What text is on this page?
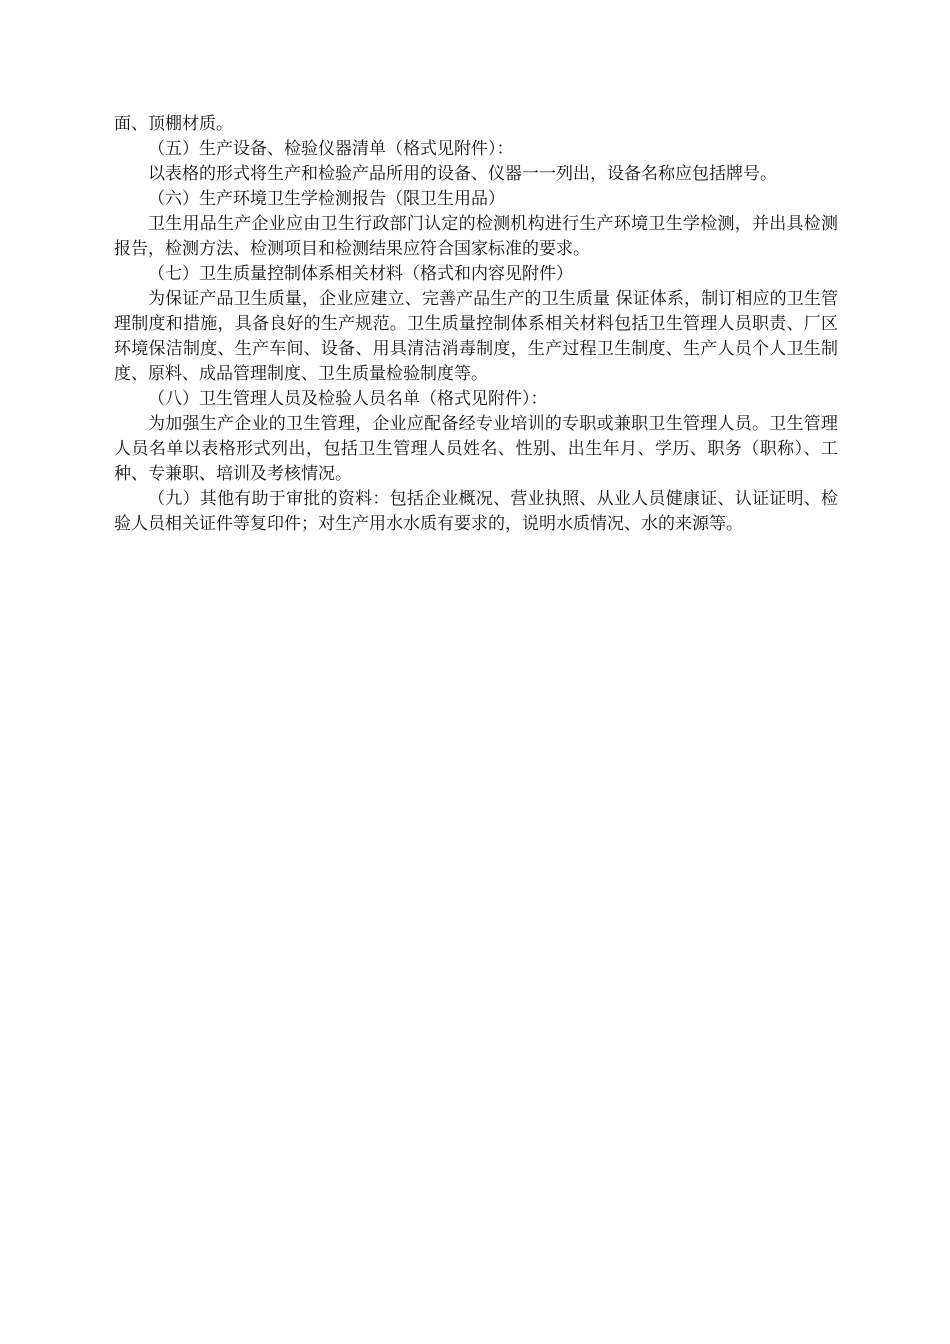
面、顶棚材质。

（五）生产设备、检验仪器清单（格式见附件）：

以表格的形式将生产和检验产品所用的设备、仪器一一列出，设备名称应包括牌号。

（六）生产环境卫生学检测报告（限卫生用品）

卫生用品生产企业应由卫生行政部门认定的检测机构进行生产环境卫生学检测，并出具检测报告，检测方法、检测项目和检测结果应符合国家标准的要求。

（七）卫生质量控制体系相关材料（格式和内容见附件）

为保证产品卫生质量，企业应建立、完善产品生产的卫生质量 保证体系，制订相应的卫生管理制度和措施，具备良好的生产规范。卫生质量控制体系相关材料包括卫生管理人员职责、厂区环境保洁制度、生产车间、设备、用具清洁消毒制度，生产过程卫生制度、生产人员个人卫生制度、原料、成品管理制度、卫生质量检验制度等。

（八）卫生管理人员及检验人员名单（格式见附件）：

为加强生产企业的卫生管理，企业应配备经专业培训的专职或兼职卫生管理人员。卫生管理人员名单以表格形式列出，包括卫生管理人员姓名、性别、出生年月、学历、职务（职称）、工种、专兼职、培训及考核情况。

（九）其他有助于审批的资料：包括企业概况、营业执照、从业人员健康证、认证证明、检验人员相关证件等复印件；对生产用水水质有要求的，说明水质情况、水的来源等。
